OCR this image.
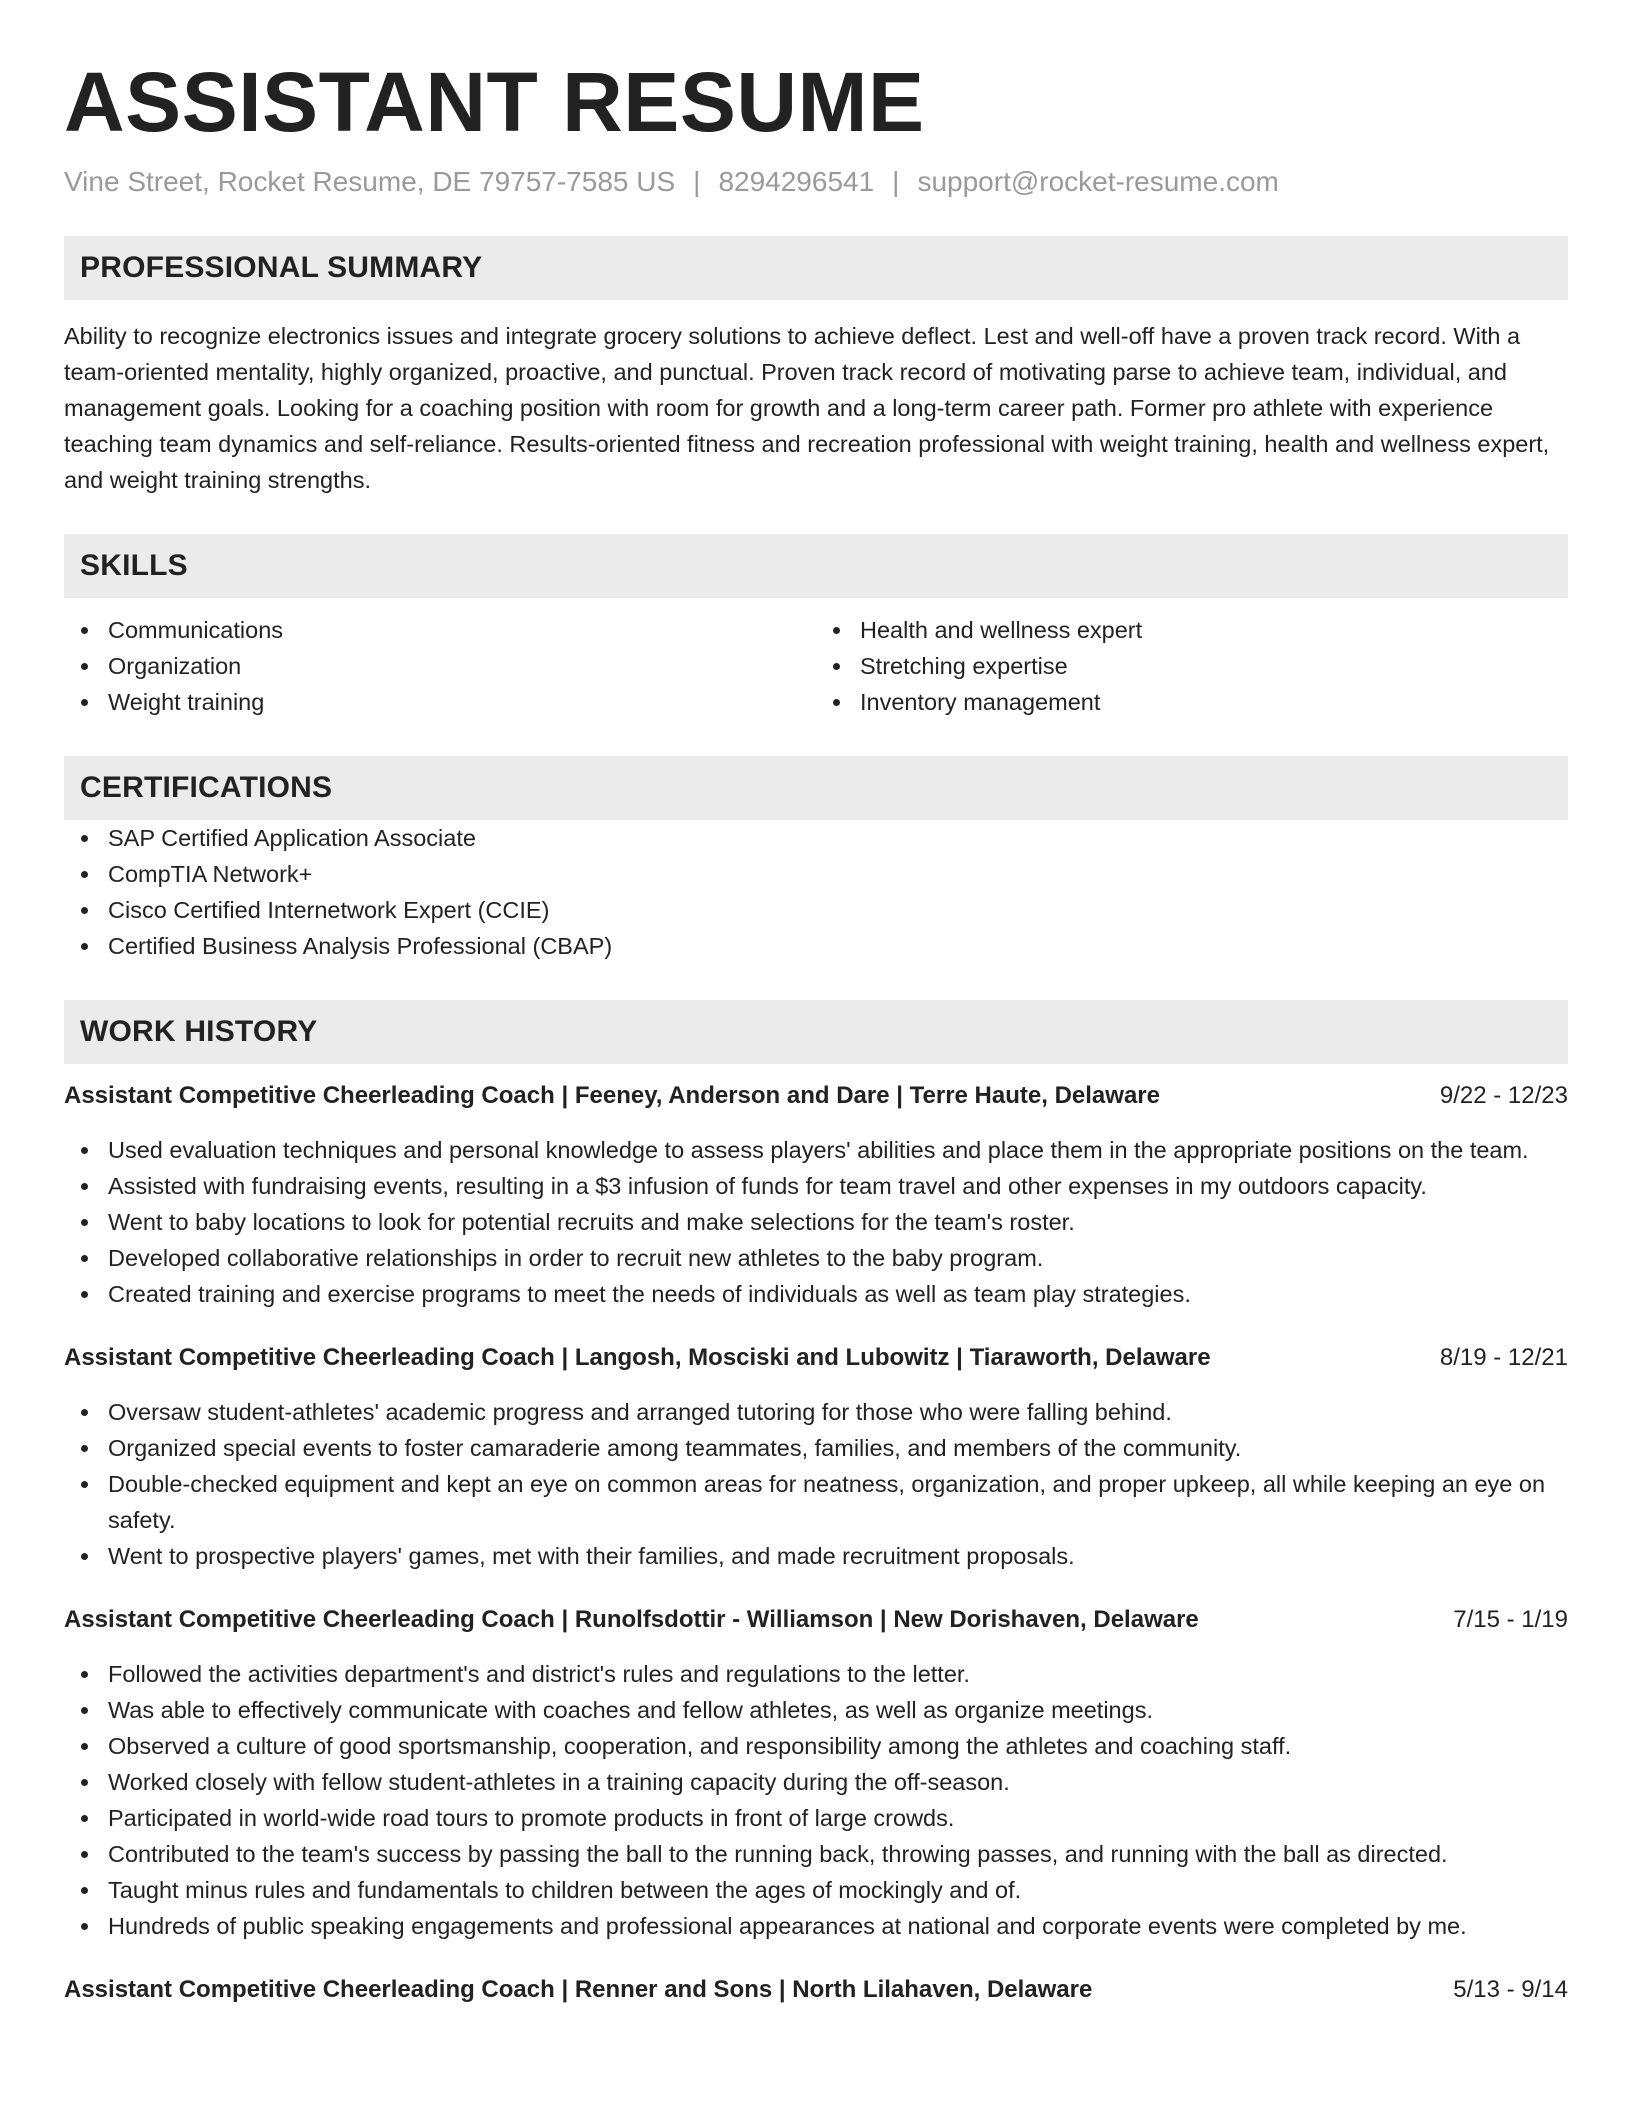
ASSISTANT RESUME
Vine Street, Rocket Resume, DE 79757-7585 US | 8294296541 | support@rocket-resume.com
PROFESSIONAL SUMMARY

Ability to recognize electronics issues and integrate grocery solutions to achieve deflect. Lest and well-off have a proven track record. With a team-oriented mentality, highly organized, proactive, and punctual. Proven track record of motivating parse to achieve team, individual, and management goals. Looking for a coaching position with room for growth and a long-term career path. Former pro athlete with experience teaching team dynamics and self-reliance. Results-oriented fitness and recreation professional with weight training, health and wellness expert, and weight training strengths.

SKILLS
Communications
Organization
Weight training
Health and wellness expert
Stretching expertise
Inventory management
CERTIFICATIONS
SAP Certified Application Associate
CompTIA Network+
Cisco Certified Internetwork Expert (CCIE)
Certified Business Analysis Professional (CBAP)
WORK HISTORY
Assistant Competitive Cheerleading Coach | Feeney, Anderson and Dare | Terre Haute, Delaware	9/22 - 12/23
Used evaluation techniques and personal knowledge to assess players' abilities and place them in the appropriate positions on the team.
Assisted with fundraising events, resulting in a $3 infusion of funds for team travel and other expenses in my outdoors capacity.
Went to baby locations to look for potential recruits and make selections for the team's roster.
Developed collaborative relationships in order to recruit new athletes to the baby program.
Created training and exercise programs to meet the needs of individuals as well as team play strategies.
Assistant Competitive Cheerleading Coach | Langosh, Mosciski and Lubowitz | Tiaraworth, Delaware	8/19 - 12/21
Oversaw student-athletes' academic progress and arranged tutoring for those who were falling behind.
Organized special events to foster camaraderie among teammates, families, and members of the community.
Double-checked equipment and kept an eye on common areas for neatness, organization, and proper upkeep, all while keeping an eye on safety.
Went to prospective players' games, met with their families, and made recruitment proposals.
Assistant Competitive Cheerleading Coach | Runolfsdottir - Williamson | New Dorishaven, Delaware	7/15 - 1/19
Followed the activities department's and district's rules and regulations to the letter.
Was able to effectively communicate with coaches and fellow athletes, as well as organize meetings.
Observed a culture of good sportsmanship, cooperation, and responsibility among the athletes and coaching staff.
Worked closely with fellow student-athletes in a training capacity during the off-season.
Participated in world-wide road tours to promote products in front of large crowds.
Contributed to the team's success by passing the ball to the running back, throwing passes, and running with the ball as directed.
Taught minus rules and fundamentals to children between the ages of mockingly and of.
Hundreds of public speaking engagements and professional appearances at national and corporate events were completed by me.
Assistant Competitive Cheerleading Coach | Renner and Sons | North Lilahaven, Delaware	5/13 - 9/14
